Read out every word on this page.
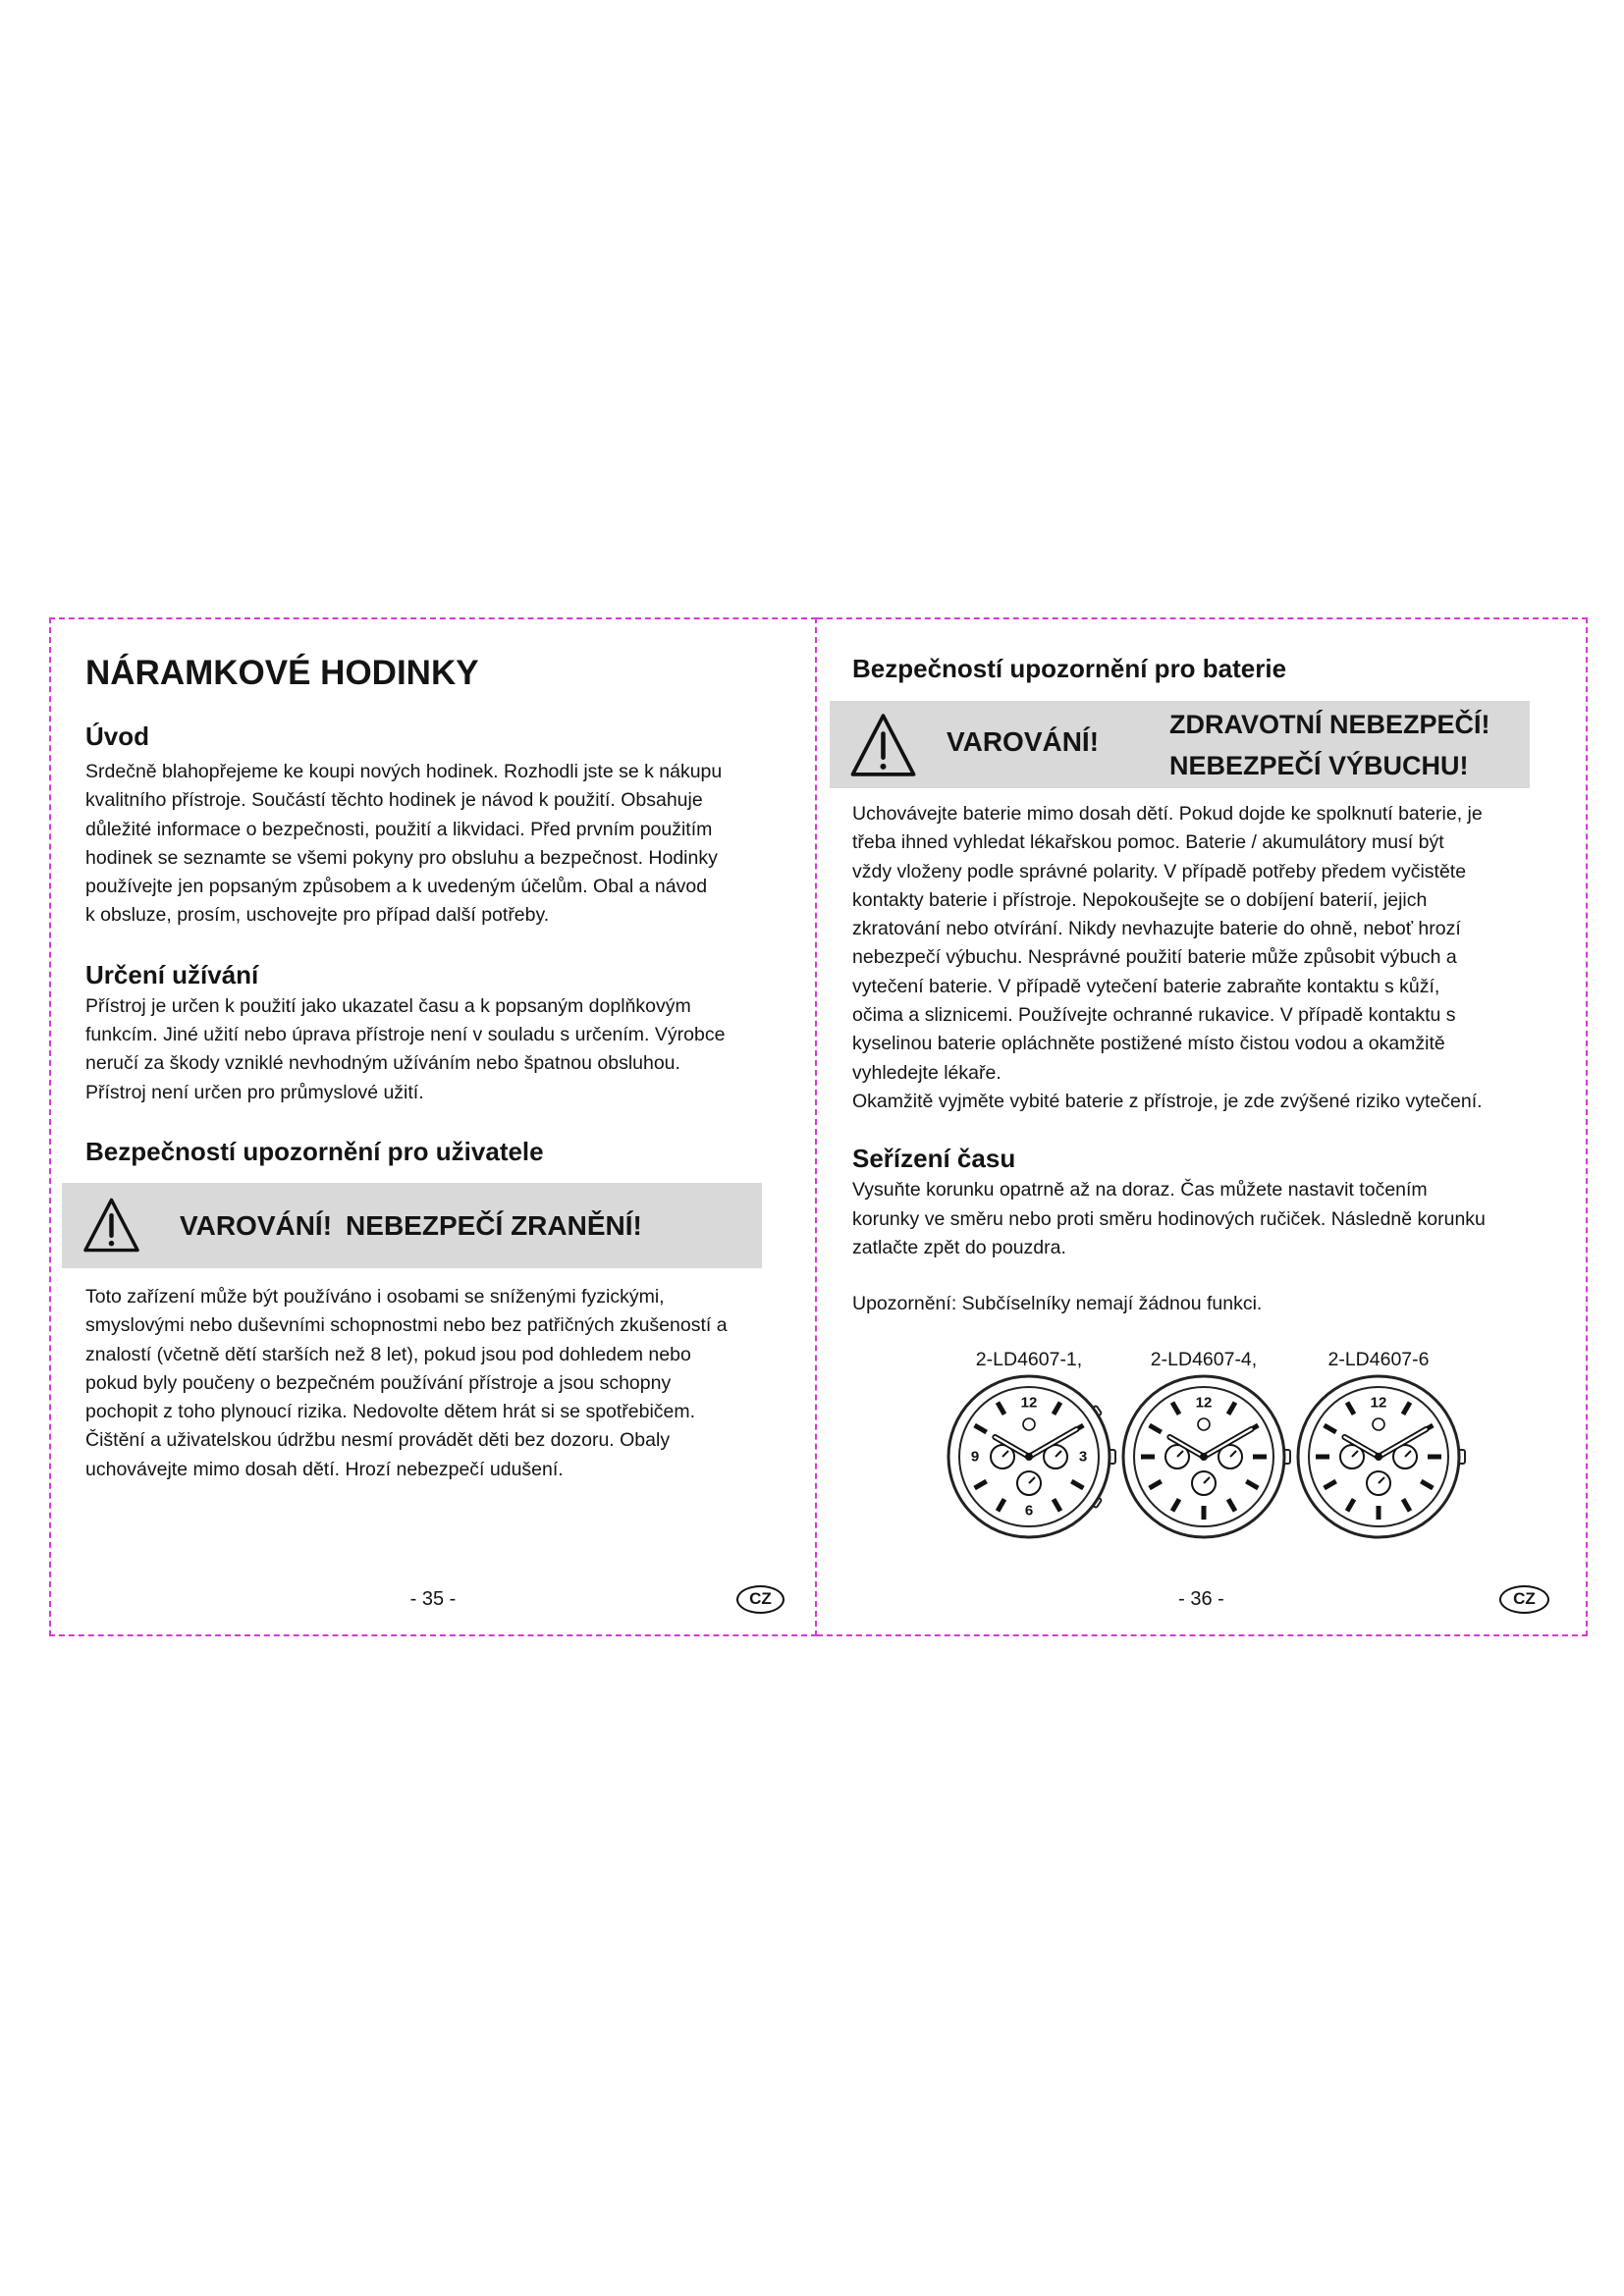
NÁRAMKOVÉ HODINKY
Úvod
Srdečně blahopřejeme ke koupi nových hodinek. Rozhodli jste se k nákupu
kvalitního přístroje. Součástí těchto hodinek je návod k použití. Obsahuje
důležité informace o bezpečnosti, použití a likvidaci. Před prvním použitím
hodinek se seznamte se všemi pokyny pro obsluhu a bezpečnost. Hodinky
používejte jen popsaným způsobem a k uvedeným účelům. Obal a návod
k obsluze, prosím, uschovejte pro případ další potřeby.
Určení užívání
Přístroj je určen k použití jako ukazatel času a k popsaným doplňkovým
funkcím. Jiné užití nebo úprava přístroje není v souladu s určením. Výrobce
neručí za škody vzniklé nevhodným užíváním nebo špatnou obsluhou.
Přístroj není určen pro průmyslové užití.
Bezpečností upozornění pro uživatele
VAROVÁNÍ! NEBEZPEČÍ ZRANĚNÍ!
Toto zařízení může být používáno i osobami se sníženými fyzickými,
smyslovými nebo duševními schopnostmi nebo bez patřičných zkušeností a
znalostí (včetně dětí starších než 8 let), pokud jsou pod dohledem nebo
pokud byly poučeny o bezpečném používání přístroje a jsou schopny
pochopit z toho plynoucí rizika. Nedovolte dětem hrát si se spotřebičem.
Čištění a uživatelskou údržbu nesmí provádět děti bez dozoru. Obaly
uchovávejte mimo dosah dětí. Hrozí nebezpečí udušení.
- 35 -	CZ
Bezpečností upozornění pro baterie
VAROVÁNÍ!
ZDRAVOTNÍ NEBEZPEČÍ!
NEBEZPEČÍ VÝBUCHU!
Uchovávejte baterie mimo dosah dětí. Pokud dojde ke spolknutí baterie, je
třeba ihned vyhledat lékařskou pomoc. Baterie / akumulátory musí být
vždy vloženy podle správné polarity. V případě potřeby předem vyčistěte
kontakty baterie i přístroje. Nepokoušejte se o dobíjení baterií, jejich
zkratování nebo otvírání. Nikdy nevhazujte baterie do ohně, neboť hrozí
nebezpečí výbuchu. Nesprávné použití baterie může způsobit výbuch a
vytečení baterie. V případě vytečení baterie zabraňte kontaktu s kůží,
očima a sliznicemi. Používejte ochranné rukavice. V případě kontaktu s
kyselinou baterie opláchněte postižené místo čistou vodou a okamžitě
vyhledejte lékaře.
Okamžitě vyjměte vybité baterie z přístroje, je zde zvýšené riziko vytečení.
Seřízení času
Vysuňte korunku opatrně až na doraz. Čas můžete nastavit točením
korunky ve směru nebo proti směru hodinových ručiček. Následně korunku
zatlačte zpět do pouzdra.
Upozornění: Subčíselníky nemají žádnou funkci.
2-LD4607-1,
12
3
6
9
2-LD4607-4,
12
2-LD4607-6
12
- 36 -	CZ
